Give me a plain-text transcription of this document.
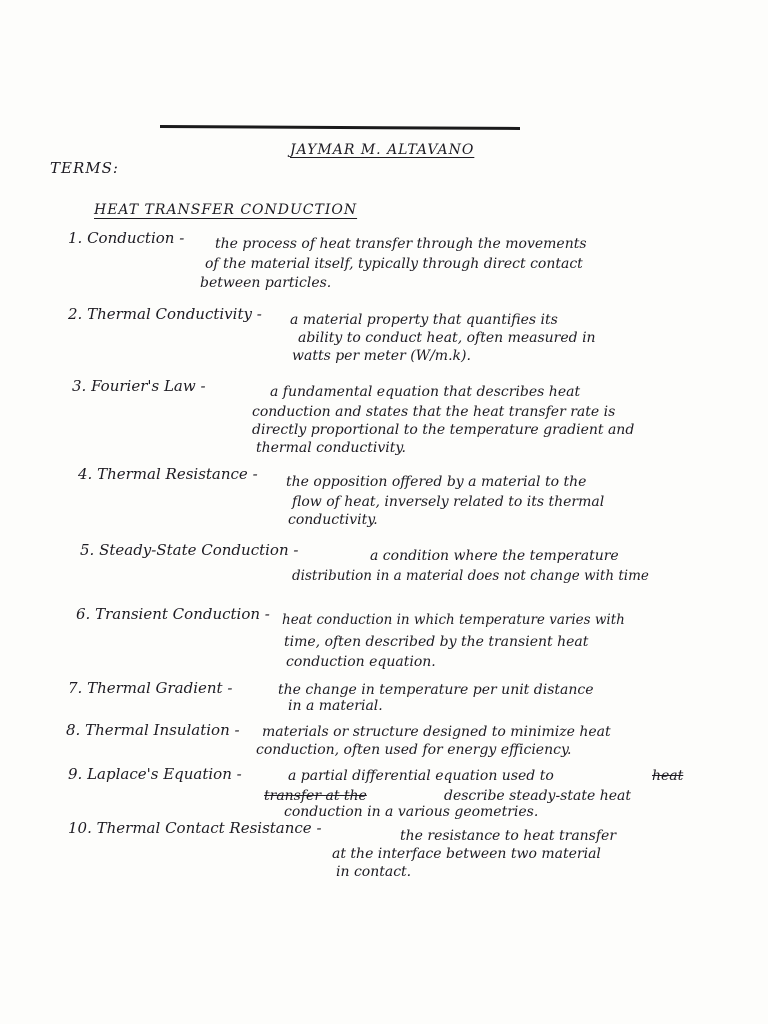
JAYMAR M. ALTAVANO
TERMS:
HEAT TRANSFER CONDUCTION
1. Conduction - the process of heat transfer through the movements
of the material itself, typically through direct contact
between particles.
2. Thermal Conductivity - a material property that quantifies its
ability to conduct heat, often measured in
watts per meter (W/m.k).
3. Fourier's Law -	a fundamental equation that describes heat
conduction and states that the heat transfer rate is
directly proportional to the temperature gradient and
thermal conductivity.
4. Thermal Resistance - the opposition offered by a material to the
flow of heat, inversely related to its thermal
conductivity.
5. Steady-State Conduction -	a condition where the temperature
distribution in a material does not change with time
6. Transient Conduction - heat conduction in which temperature varies with
time, often described by the transient heat
conduction equation.
7. Thermal Gradient -	the change in temperature per unit distance
in a material.
8. Thermal Insulation - materials or structure designed to minimize heat
conduction, often used for energy efficiency.
9. Laplace's Equation -	a partial differential equation used to	heat
transfer at the	describe steady-state heat
conduction in a various geometries.
10. Thermal Contact Resistance -	the resistance to heat transfer
at the interface between two material
in contact.
